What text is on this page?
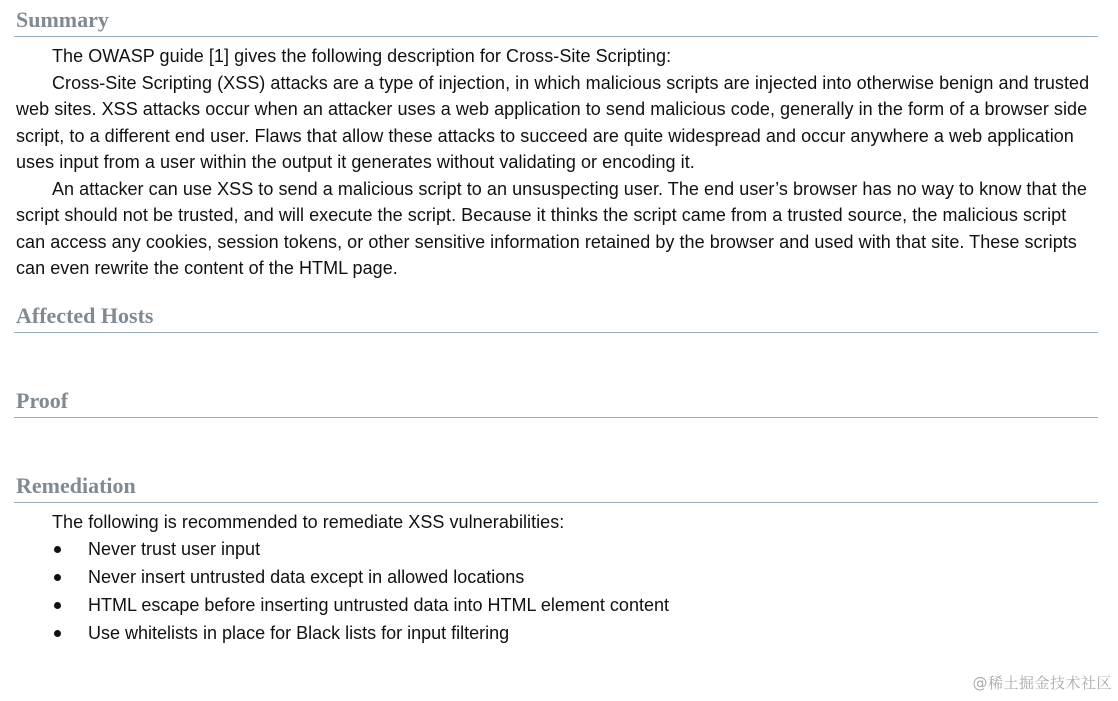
Summary

The OWASP guide [1] gives the following description for Cross-Site Scripting:

Cross-Site Scripting (XSS) attacks are a type of injection, in which malicious scripts are injected into otherwise benign and trusted web sites. XSS attacks occur when an attacker uses a web application to send malicious code, generally in the form of a browser side script, to a different end user. Flaws that allow these attacks to succeed are quite widespread and occur anywhere a web application uses input from a user within the output it generates without validating or encoding it.

An attacker can use XSS to send a malicious script to an unsuspecting user. The end user’s browser has no way to know that the script should not be trusted, and will execute the script. Because it thinks the script came from a trusted source, the malicious script can access any cookies, session tokens, or other sensitive information retained by the browser and used with that site. These scripts can even rewrite the content of the HTML page.

Affected Hosts
Proof
Remediation

The following is recommended to remediate XSS vulnerabilities:

Never trust user input
Never insert untrusted data except in allowed locations
HTML escape before inserting untrusted data into HTML element content
Use whitelists in place for Black lists for input filtering
@稀土掘金技术社区
